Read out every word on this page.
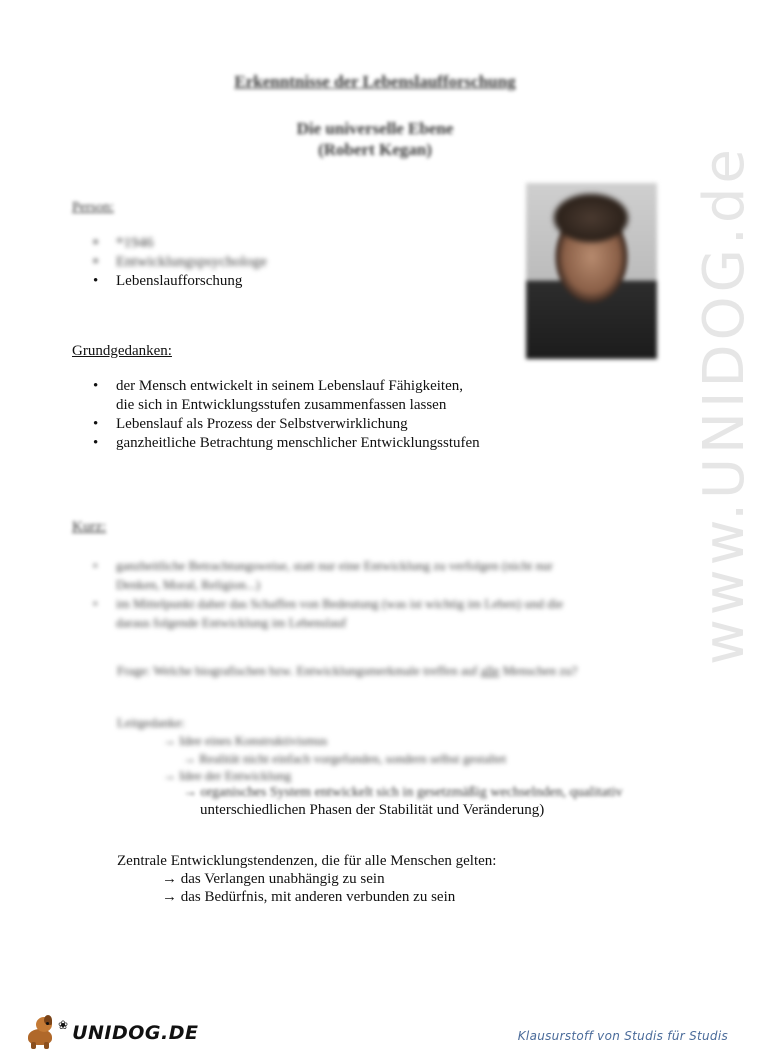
Erkenntnisse der Lebenslaufforschung
Die universelle Ebene
(Robert Kegan)	www.UNIDOG.de
Person:
• *1946
• Entwicklungspsychologe
• Lebenslaufforschung
Grundgedanken:
• der Mensch entwickelt in seinem Lebenslauf Fähigkeiten,
die sich in Entwicklungsstufen zusammenfassen lassen
• Lebenslauf als Prozess der Selbstverwirklichung
• ganzheitliche Betrachtung menschlicher Entwicklungsstufen
Kurz:
• ganzheitliche Betrachtungsweise, statt nur eine Entwicklung zu verfolgen (nicht nur
Denken, Moral, Religion...)
• im Mittelpunkt daher das Schaffen von Bedeutung (was ist wichtig im Leben) und die
daraus folgende Entwicklung im Lebenslauf
Frage: Welche biografischen bzw. Entwicklungsmerkmale treffen auf alle Menschen zu?
Leitgedanke:
→ Idee eines Konstruktivismus
→ Realität nicht einfach vorgefunden, sondern selbst gestaltet
→ Idee der Entwicklung
→ organisches System entwickelt sich in gesetzmäßig wechselnden, qualitativ
unterschiedlichen Phasen der Stabilität und Veränderung)
Zentrale Entwicklungstendenzen, die für alle Menschen gelten:
→ das Verlangen unabhängig zu sein
→ das Bedürfnis, mit anderen verbunden zu sein
❀ UNIDOG.DE	Klausurstoff von Studis für Studis
